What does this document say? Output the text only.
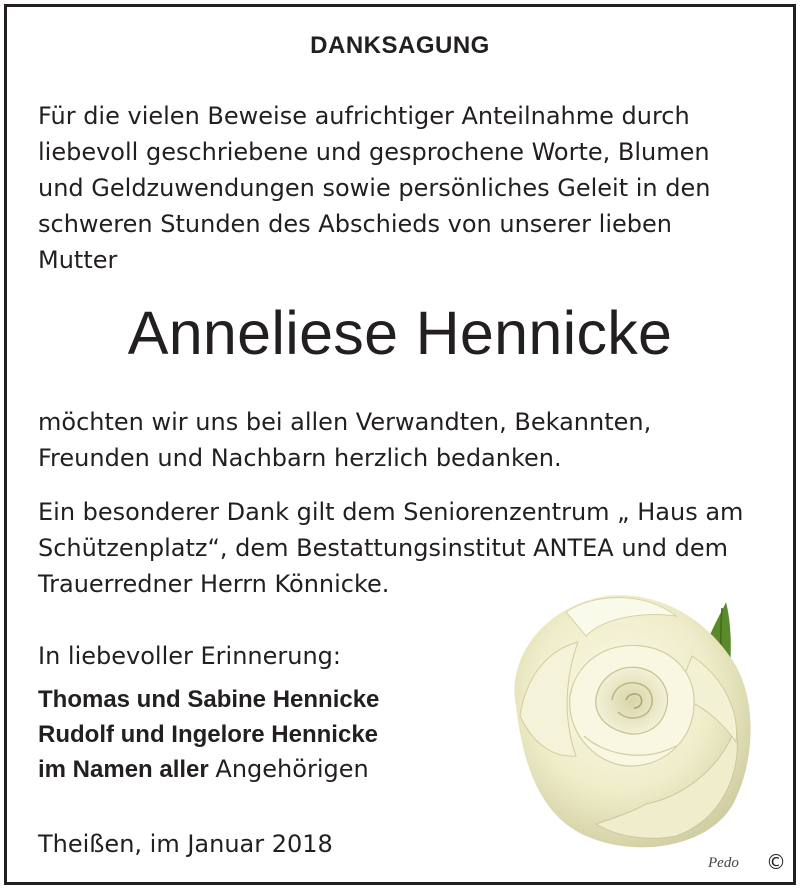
DANKSAGUNG
Für die vielen Beweise aufrichtiger Anteilnahme durch
liebevoll geschriebene und gesprochene Worte, Blumen
und Geldzuwendungen sowie persönliches Geleit in den
schweren Stunden des Abschieds von unserer lieben
Mutter
Anneliese Hennicke
möchten wir uns bei allen Verwandten, Bekannten,
Freunden und Nachbarn herzlich bedanken.
Ein besonderer Dank gilt dem Seniorenzentrum „ Haus am
Schützenplatz“, dem Bestattungsinstitut ANTEA und dem
Trauerredner Herrn Könnicke.
In liebevoller Erinnerung:
Thomas und Sabine Hennicke
Rudolf und Ingelore Hennicke
im Namen aller Angehörigen
Theißen, im Januar 2018
Pedo ©
